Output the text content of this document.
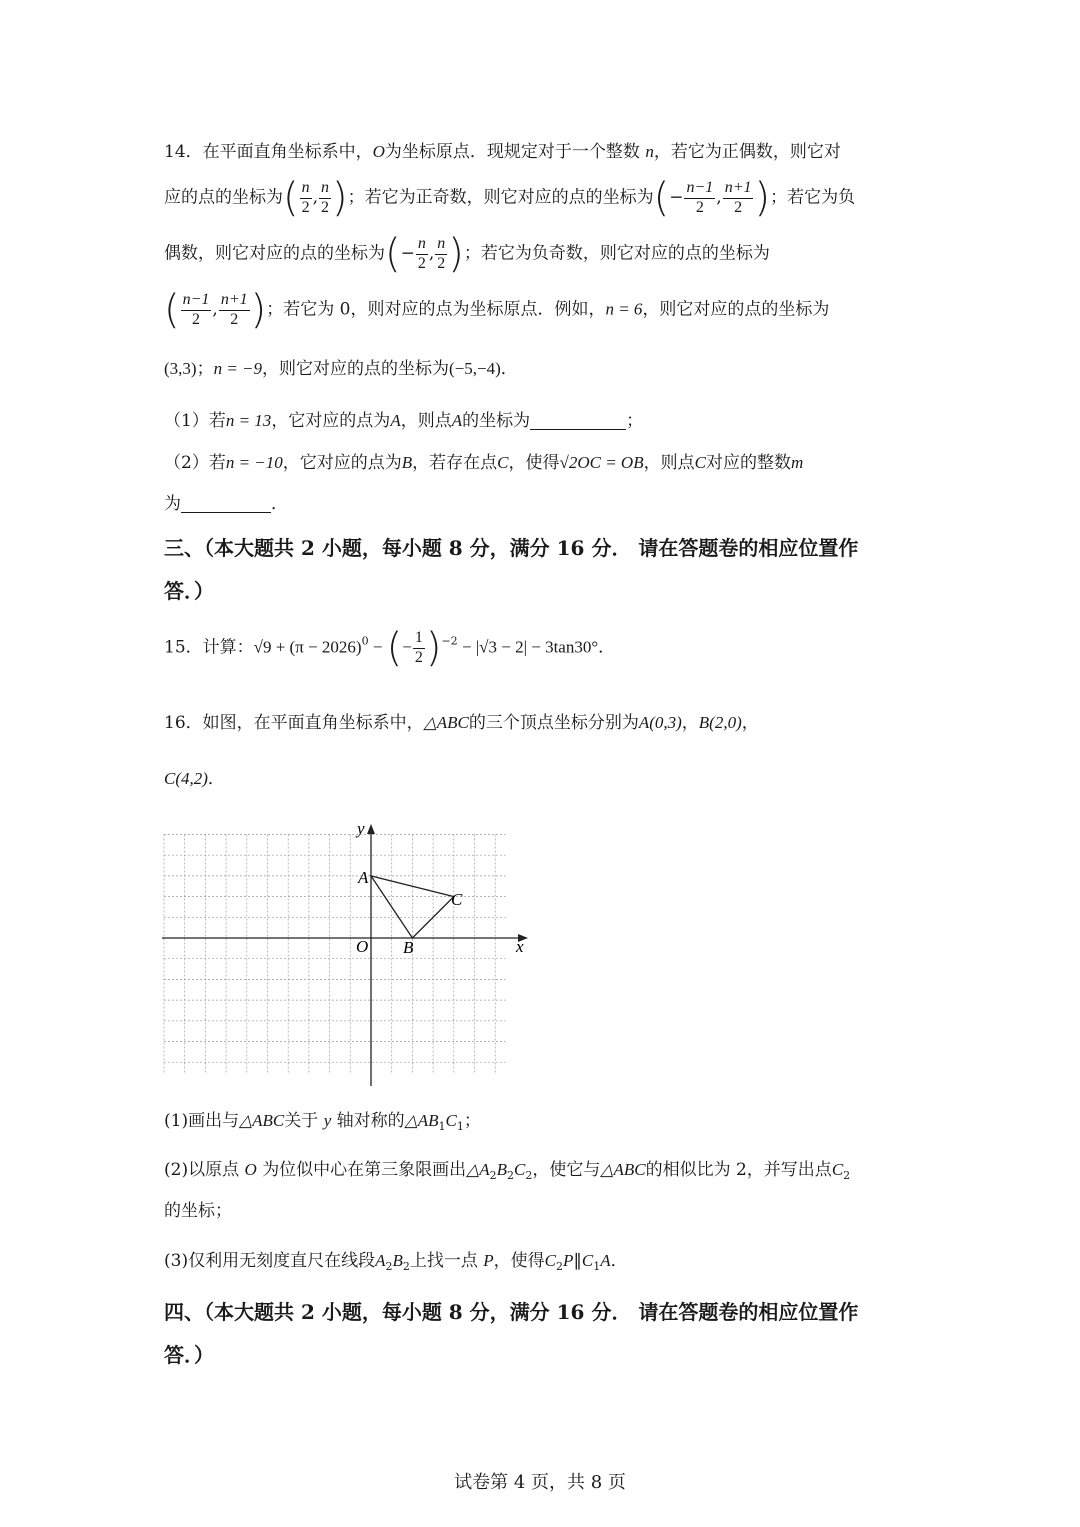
14．在平面直角坐标系中，O为坐标原点．现规定对于一个整数 n，若它为正偶数，则它对
应的点的坐标为( $\frac{n}{2}$ , $\frac{n}{2}$ )；若它为正奇数，则它对应的点的坐标为(− $\frac{n-1}{2}$ , $\frac{n+1}{2}$ )；若它为负
偶数，则它对应的点的坐标为(− $\frac{n}{2}$ , $\frac{n}{2}$ )；若它为负奇数，则它对应的点的坐标为
( $\frac{n-1}{2}$ , $\frac{n+1}{2}$ )；若它为 0，则对应的点为坐标原点．例如，n = 6，则它对应的点的坐标为
(3,3)；n = −9，则它对应的点的坐标为(−5,−4)．
（1）若n = 13，它对应的点为A，则点A的坐标为	；
（2）若n = −10，它对应的点为B，若存在点C，使得√2OC = OB，则点C对应的整数m
为	．
三、（本大题共 2 小题，每小题 8 分，满分 16 分． 请在答题卷的相应位置作
答．）
15．计算：$√9 + (\pi - 2026)^0$ − (− $\frac{1}{2} )^{-2} - |√3 - 2| - 3\tan 30^\circ$．
16．如图，在平面直角坐标系中，△ABC的三个顶点坐标分别为A(0,3)，B(2,0)，
C(4,2)．
y
x
O
A
B
C
(1)画出与△ABC关于 y 轴对称的$\triangle AB_1C_1$；
(2)以原点 O 为位似中心在第三象限画出$\triangle A_2B_2C_2$，使它与△ABC的相似比为 2，并写出点$C_2$
的坐标；
(3)仅利用无刻度直尺在线段$A_2B_2$上找一点 P，使得$C_2P\parallel C_1A$．
四、（本大题共 2 小题，每小题 8 分，满分 16 分． 请在答题卷的相应位置作
答．）
试卷第 4 页，共 8 页
